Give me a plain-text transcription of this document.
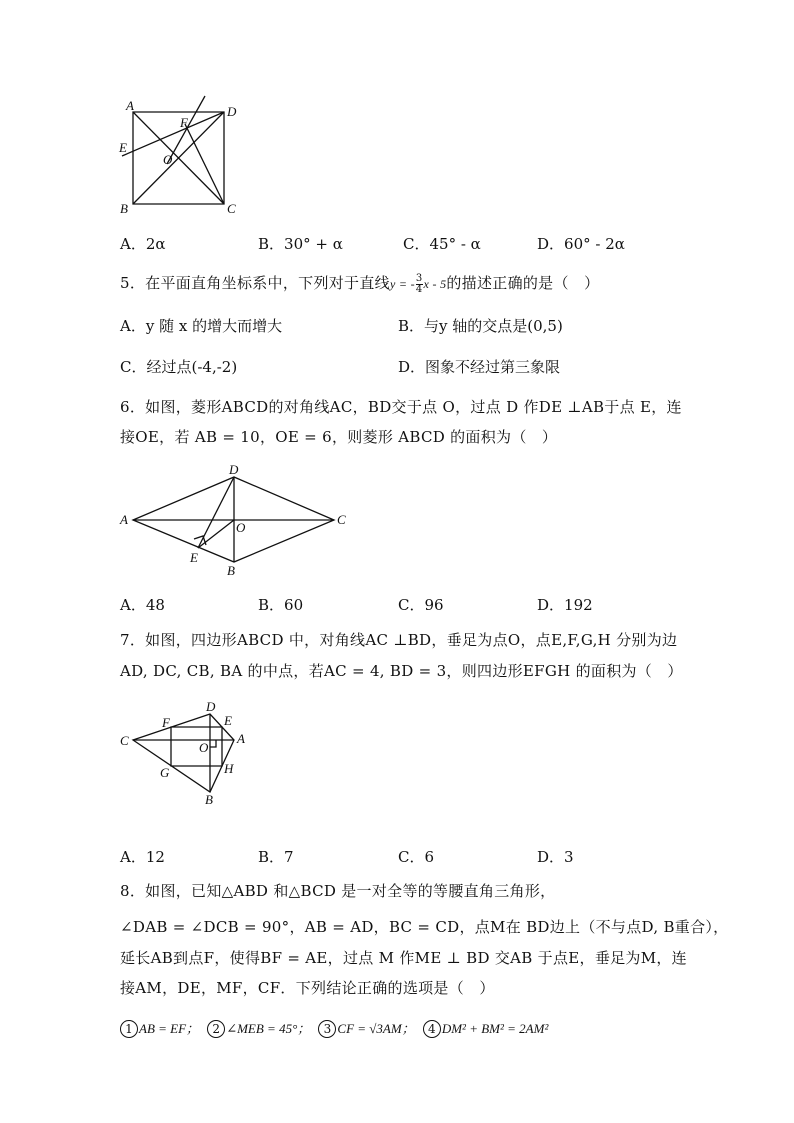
A	D
B	C
E
F
O
A．2α	B．30° + α	C．45° - α	D．60° - 2α
5．在平面直角坐标系中，下列对于直线y = - $\frac{3}{4}$ x - 5的描述正确的是（　）
A．y 随 x 的增大而增大	B．与y 轴的交点是(0,5)
C．经过点(-4,-2)	D．图象不经过第三象限
6．如图，菱形ABCD的对角线AC，BD交于点 O，过点 D 作DE ⊥AB于点 E，连
接OE，若 AB = 10，OE = 6，则菱形 ABCD 的面积为（　）
D
A	C
O
E
B
A．48	B．60	C．96	D．192
7．如图，四边形ABCD 中，对角线AC ⊥BD，垂足为点O，点E,F,G,H 分别为边
AD, DC, CB, BA 的中点，若AC = 4, BD = 3，则四边形EFGH 的面积为（　）
D
F	E
C	O
A
G	H
B
A．12	B．7	C．6	D．3
8．如图，已知△ABD 和△BCD 是一对全等的等腰直角三角形，
∠DAB = ∠DCB = 90°，AB = AD，BC = CD，点M在 BD边上（不与点D, B重合），
延长AB到点F，使得BF = AE，过点 M 作ME ⊥ BD 交AB 于点E，垂足为M，连
接AM，DE，MF，CF．下列结论正确的选项是（　）
1 AB = EF； 2 ∠MEB = 45°； 3 CF = √3AM； 4 DM² + BM² = 2AM²
